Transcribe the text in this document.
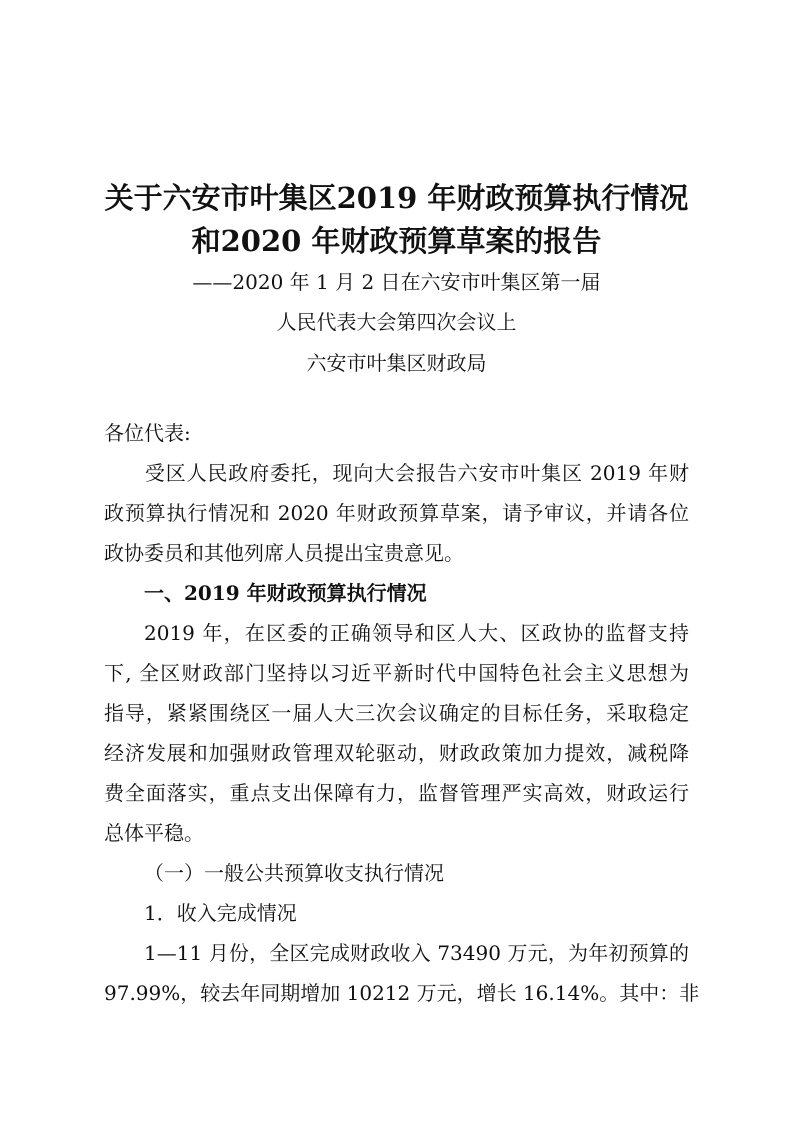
关于六安市叶集区2019 年财政预算执行情况
和2020 年财政预算草案的报告
——2020 年 1 月 2 日在六安市叶集区第一届
人民代表大会第四次会议上
六安市叶集区财政局
各位代表:
受区人民政府委托，现向大会报告六安市叶集区 2019 年财
政预算执行情况和 2020 年财政预算草案，请予审议，并请各位
政协委员和其他列席人员提出宝贵意见。
一、2019 年财政预算执行情况
2019 年，在区委的正确领导和区人大、区政协的监督支持
下, 全区财政部门坚持以习近平新时代中国特色社会主义思想为
指导，紧紧围绕区一届人大三次会议确定的目标任务，采取稳定
经济发展和加强财政管理双轮驱动，财政政策加力提效，减税降
费全面落实，重点支出保障有力，监督管理严实高效，财政运行
总体平稳。
（一）一般公共预算收支执行情况
1．收入完成情况
1—11 月份，全区完成财政收入 73490 万元，为年初预算的
97.99%，较去年同期增加 10212 万元，增长 16.14%。其中：非
